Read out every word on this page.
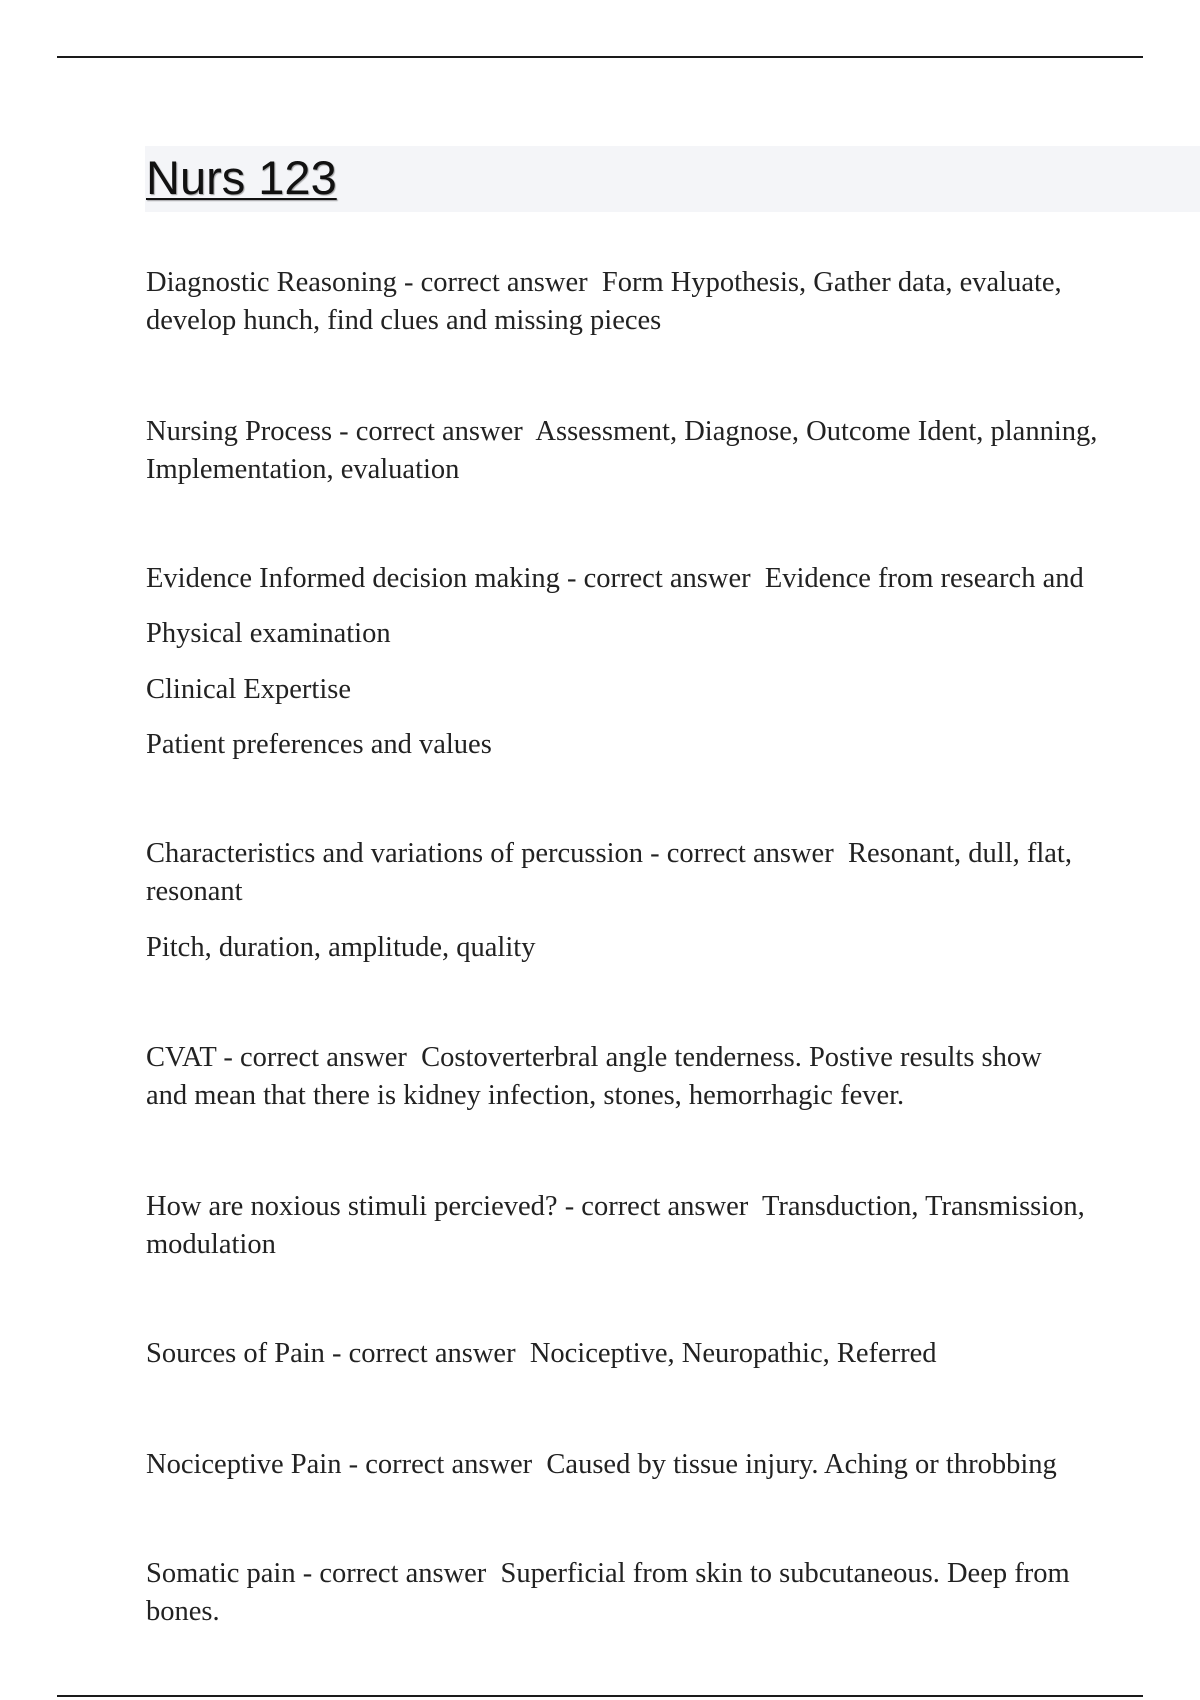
Nurs 123

Diagnostic Reasoning - correct answer  Form Hypothesis, Gather data, evaluate,

develop hunch, find clues and missing pieces

Nursing Process - correct answer  Assessment, Diagnose, Outcome Ident, planning,

Implementation, evaluation

Evidence Informed decision making - correct answer  Evidence from research and

Physical examination

Clinical Expertise

Patient preferences and values

Characteristics and variations of percussion - correct answer  Resonant, dull, flat,

resonant

Pitch, duration, amplitude, quality

CVAT - correct answer  Costoverterbral angle tenderness. Postive results show

and mean that there is kidney infection, stones, hemorrhagic fever.

How are noxious stimuli percieved? - correct answer  Transduction, Transmission,

modulation

Sources of Pain - correct answer  Nociceptive, Neuropathic, Referred

Nociceptive Pain - correct answer  Caused by tissue injury. Aching or throbbing

Somatic pain - correct answer  Superficial from skin to subcutaneous. Deep from

bones.
